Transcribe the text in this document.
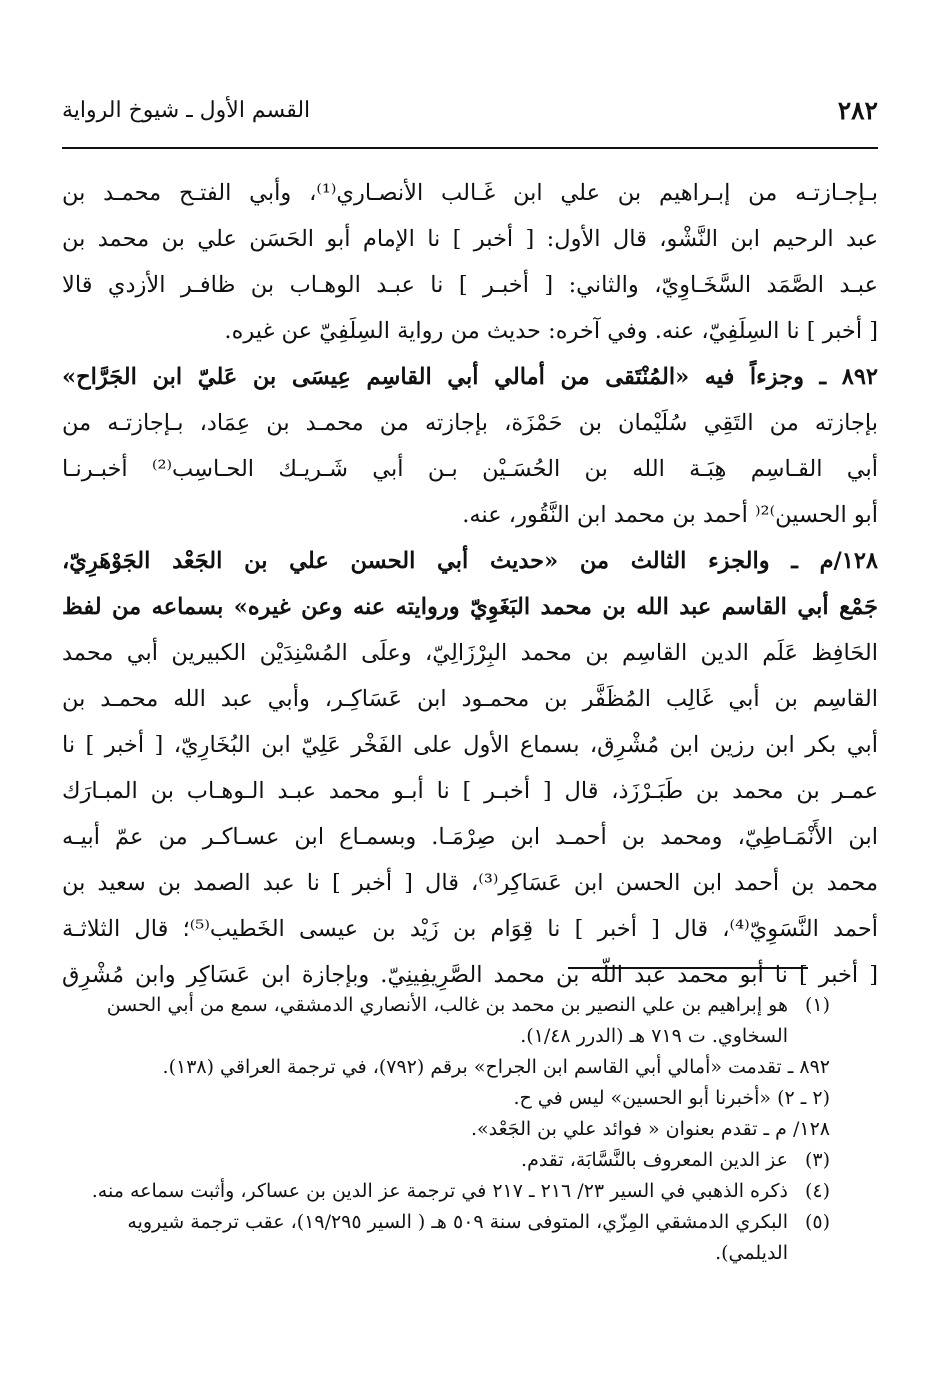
٢٨٢
القسم الأول ـ شيوخ الرواية
بـإجـازتـه من إبـراهيم بن علي ابن غَـالب الأنصـاري⁽¹⁾، وأبي الفتـح محمـد بن
عبد الرحيم ابن النَّشْو، قال الأول: [ أخبر ] نا الإمام أبو الحَسَن علي بن محمد بن
عبـد الصَّمَد السَّخَـاوِيّ، والثاني: [ أخبـر ] نا عبـد الوهـاب بن ظافـر الأزدي قالا
[ أخبر ] نا السِلَفِيّ، عنه. وفي آخره: حديث من رواية السِلَفِيّ عن غيره.
٨٩٢ ـ وجزءاً فيه «المُنْتَقى من أمالي أبي القاسِم عِيسَى بن عَليّ ابن الجَرَّاح»
بإجازته من التَقِي سُلَيْمان بن حَمْزَة، بإجازته من محمـد بن عِمَاد، بـإجازتـه من
أبي القـاسِم هِبَـة الله بن الحُسَـيْن بـن أبي شَـريـك الحـاسِب⁽²⁾ أخبـرنـا
أبو الحسين⁾²⁽ أحمد بن محمد ابن النَّقُور، عنه.
١٢٨/م ـ والجزء الثالث من «حديث أبي الحسن علي بن الجَعْد الجَوْهَرِيّ،
جَمْع أبي القاسم عبد الله بن محمد البَغَوِيّ وروايته عنه وعن غيره» بسماعه من لفظ
الحَافِظ عَلَم الدين القاسِم بن محمد البِرْزَالِيّ، وعلَى المُسْنِدَيْن الكبيرين أبي محمد
القاسِم بن أبي غَالِب المُظَفَّر بن محمـود ابن عَسَاكِـر، وأبي عبد الله محمـد بن
أبي بكر ابن رزين ابن مُشْرِق، بسماع الأول على الفَخْر عَلِيّ ابن البُخَارِيّ، [ أخبر ] نا
عمـر بن محمد بن طَبَـرْزَذ، قال [ أخبـر ] نا أبـو محمد عبـد الـوهـاب بن المبـارَك
ابن الأَنْمَـاطِيّ، ومحمد بن أحمـد ابن صِرْمَـا. وبسمـاع ابن عسـاكـر من عمّ أبيـه
محمد بن أحمد ابن الحسن ابن عَسَاكِر⁽³⁾، قال [ أخبر ] نا عبد الصمد بن سعيد بن
أحمد النَّسَوِيّ⁽⁴⁾، قال [ أخبر ] نا قِوَام بن زَيْد بن عيسى الخَطيب⁽⁵⁾؛ قال الثلاثـة
[ أخبر ] نا أبو محمد عبد اللّه بن محمد الصَّرِيفِينِيّ. وبإجازة ابن عَسَاكِر وابن مُشْرِق
(١)هو إبراهيم بن علي النصير بن محمد بن غالب، الأنصاري الدمشقي، سمع من أبي الحسن
السخاوي. ت ٧١٩ هـ (الدرر ١/٤٨).
٨٩٢ ـ تقدمت «أمالي أبي القاسم ابن الجراح» برقم (٧٩٢)، في ترجمة العراقي (١٣٨).
(٢ ـ ٢) «أخبرنا أبو الحسين» ليس في ح.
١٢٨/ م ـ تقدم بعنوان « فوائد علي بن الجَعْد».
(٣)عز الدين المعروف بالنَّسَّابَة، تقدم.
(٤)ذكره الذهبي في السير ٢٣/ ٢١٦ ـ ٢١٧ في ترجمة عز الدين بن عساكر، وأثبت سماعه منه.
(٥)البكري الدمشقي المِزّي، المتوفى سنة ٥٠٩ هـ ( السير ١٩/٢٩٥)، عقب ترجمة شيرويه
الديلمي).
